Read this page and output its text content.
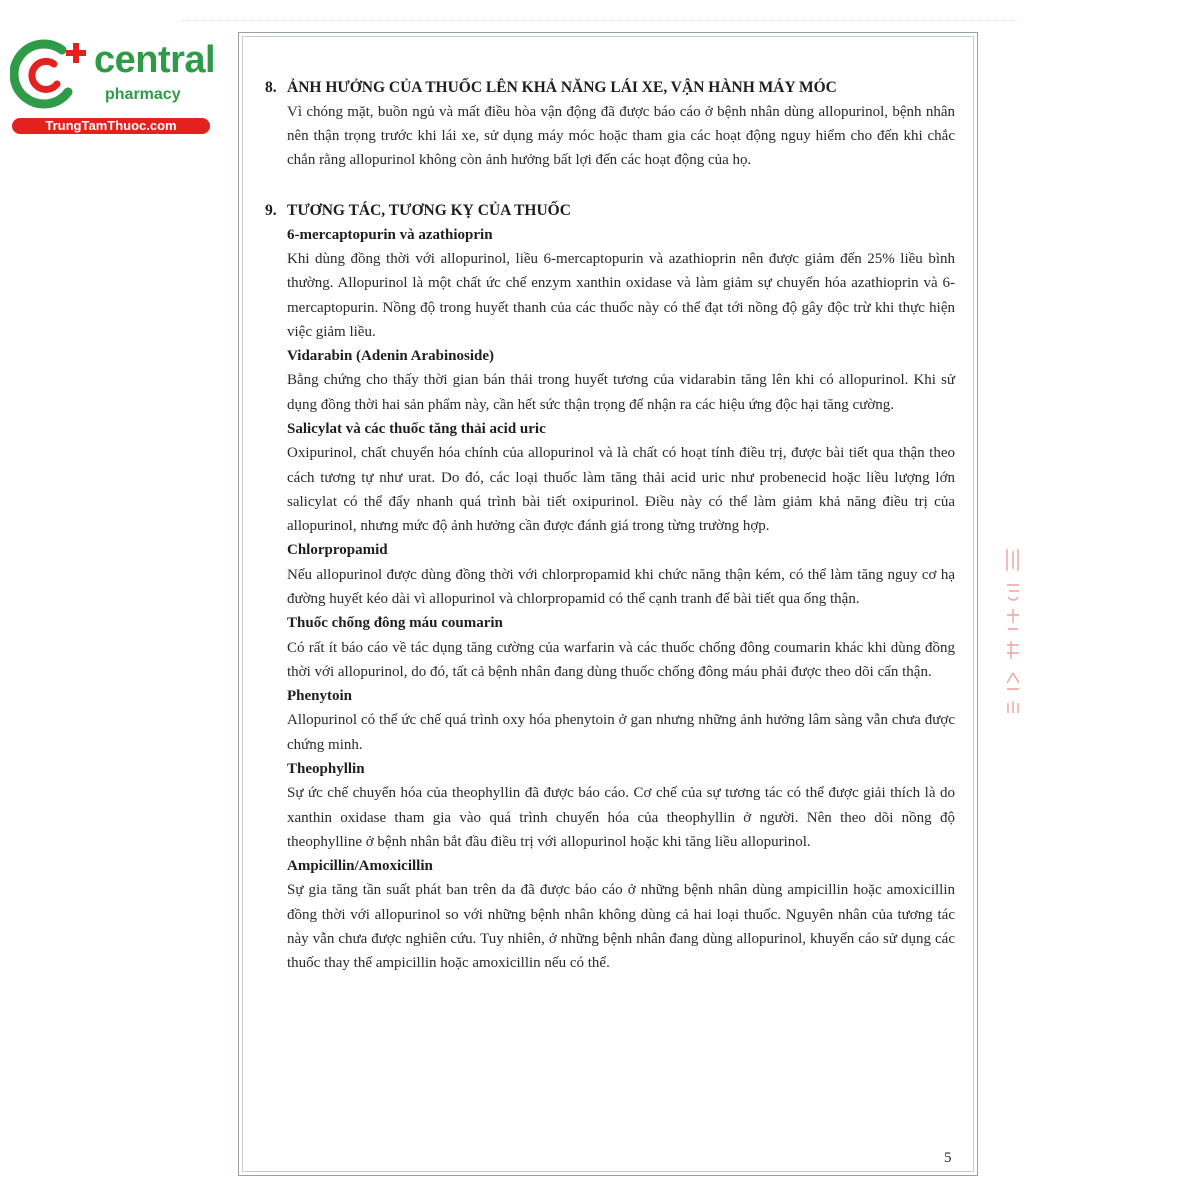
central
pharmacy
TrungTamThuoc.com
8. ẢNH HƯỞNG CỦA THUỐC LÊN KHẢ NĂNG LÁI XE, VẬN HÀNH MÁY MÓC

Vì chóng mặt, buồn ngủ và mất điều hòa vận động đã được báo cáo ở bệnh nhân dùng allopurinol, bệnh nhân nên thận trọng trước khi lái xe, sử dụng máy móc hoặc tham gia các hoạt động nguy hiểm cho đến khi chắc chắn rằng allopurinol không còn ảnh hưởng bất lợi đến các hoạt động của họ.

9. TƯƠNG TÁC, TƯƠNG KỴ CỦA THUỐC
6-mercaptopurin và azathioprin

Khi dùng đồng thời với allopurinol, liều 6-mercaptopurin và azathioprin nên được giảm đến 25% liều bình thường. Allopurinol là một chất ức chế enzym xanthin oxidase và làm giảm sự chuyển hóa azathioprin và 6-mercaptopurin. Nồng độ trong huyết thanh của các thuốc này có thể đạt tới nồng độ gây độc trừ khi thực hiện việc giảm liều.

Vidarabin (Adenin Arabinoside)

Bằng chứng cho thấy thời gian bán thải trong huyết tương của vidarabin tăng lên khi có allopurinol. Khi sử dụng đồng thời hai sản phẩm này, cần hết sức thận trọng để nhận ra các hiệu ứng độc hại tăng cường.

Salicylat và các thuốc tăng thải acid uric

Oxipurinol, chất chuyển hóa chính của allopurinol và là chất có hoạt tính điều trị, được bài tiết qua thận theo cách tương tự như urat. Do đó, các loại thuốc làm tăng thải acid uric như probenecid hoặc liều lượng lớn salicylat có thể đẩy nhanh quá trình bài tiết oxipurinol. Điều này có thể làm giảm khả năng điều trị của allopurinol, nhưng mức độ ảnh hưởng cần được đánh giá trong từng trường hợp.

Chlorpropamid

Nếu allopurinol được dùng đồng thời với chlorpropamid khi chức năng thận kém, có thể làm tăng nguy cơ hạ đường huyết kéo dài vì allopurinol và chlorpropamid có thể cạnh tranh để bài tiết qua ống thận.

Thuốc chống đông máu coumarin

Có rất ít báo cáo về tác dụng tăng cường của warfarin và các thuốc chống đông coumarin khác khi dùng đồng thời với allopurinol, do đó, tất cả bệnh nhân đang dùng thuốc chống đông máu phải được theo dõi cẩn thận.

Phenytoin

Allopurinol có thể ức chế quá trình oxy hóa phenytoin ở gan nhưng những ảnh hưởng lâm sàng vẫn chưa được chứng minh.

Theophyllin

Sự ức chế chuyển hóa của theophyllin đã được báo cáo. Cơ chế của sự tương tác có thể được giải thích là do xanthin oxidase tham gia vào quá trình chuyển hóa của theophyllin ở người. Nên theo dõi nồng độ theophylline ở bệnh nhân bắt đầu điều trị với allopurinol hoặc khi tăng liều allopurinol.

Ampicillin/Amoxicillin

Sự gia tăng tần suất phát ban trên da đã được báo cáo ở những bệnh nhân dùng ampicillin hoặc amoxicillin đồng thời với allopurinol so với những bệnh nhân không dùng cả hai loại thuốc. Nguyên nhân của tương tác này vẫn chưa được nghiên cứu. Tuy nhiên, ở những bệnh nhân đang dùng allopurinol, khuyến cáo sử dụng các thuốc thay thế ampicillin hoặc amoxicillin nếu có thể.

5
